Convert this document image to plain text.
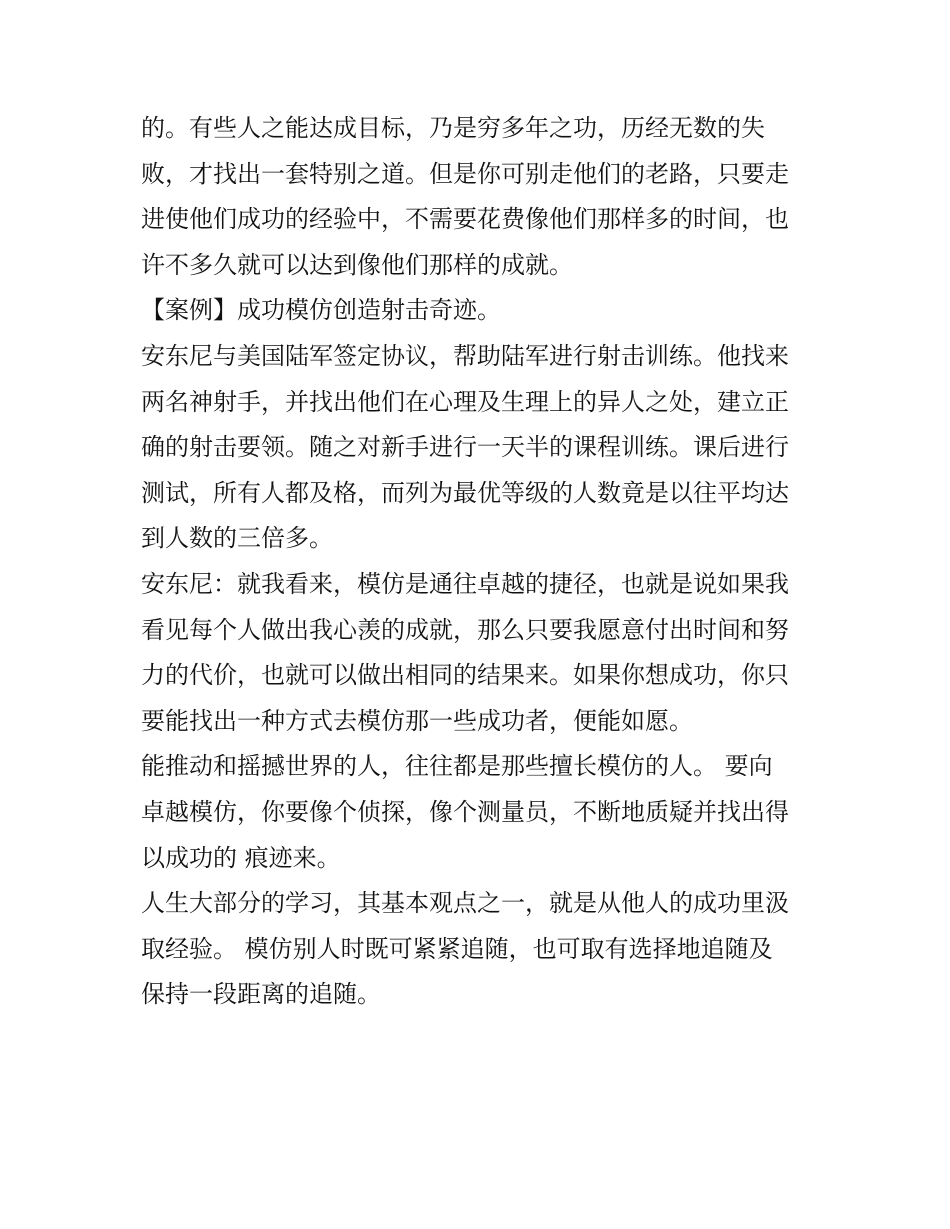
的。有些人之能达成目标，乃是穷多年之功，历经无数的失
败，才找出一套特别之道。但是你可别走他们的老路，只要走
进使他们成功的经验中，不需要花费像他们那样多的时间，也
许不多久就可以达到像他们那样的成就。
【案例】成功模仿创造射击奇迹。
安东尼与美国陆军签定协议，帮助陆军进行射击训练。他找来
两名神射手，并找出他们在心理及生理上的异人之处，建立正
确的射击要领。随之对新手进行一天半的课程训练。课后进行
测试，所有人都及格，而列为最优等级的人数竟是以往平均达
到人数的三倍多。
安东尼：就我看来，模仿是通往卓越的捷径，也就是说如果我
看见每个人做出我心羡的成就，那么只要我愿意付出时间和努
力的代价，也就可以做出相同的结果来。如果你想成功，你只
要能找出一种方式去模仿那一些成功者，便能如愿。
能推动和摇撼世界的人，往往都是那些擅长模仿的人。 要向
卓越模仿，你要像个侦探，像个测量员，不断地质疑并找出得
以成功的 痕迹来。
人生大部分的学习，其基本观点之一，就是从他人的成功里汲
取经验。 模仿别人时既可紧紧追随，也可取有选择地追随及
保持一段距离的追随。
